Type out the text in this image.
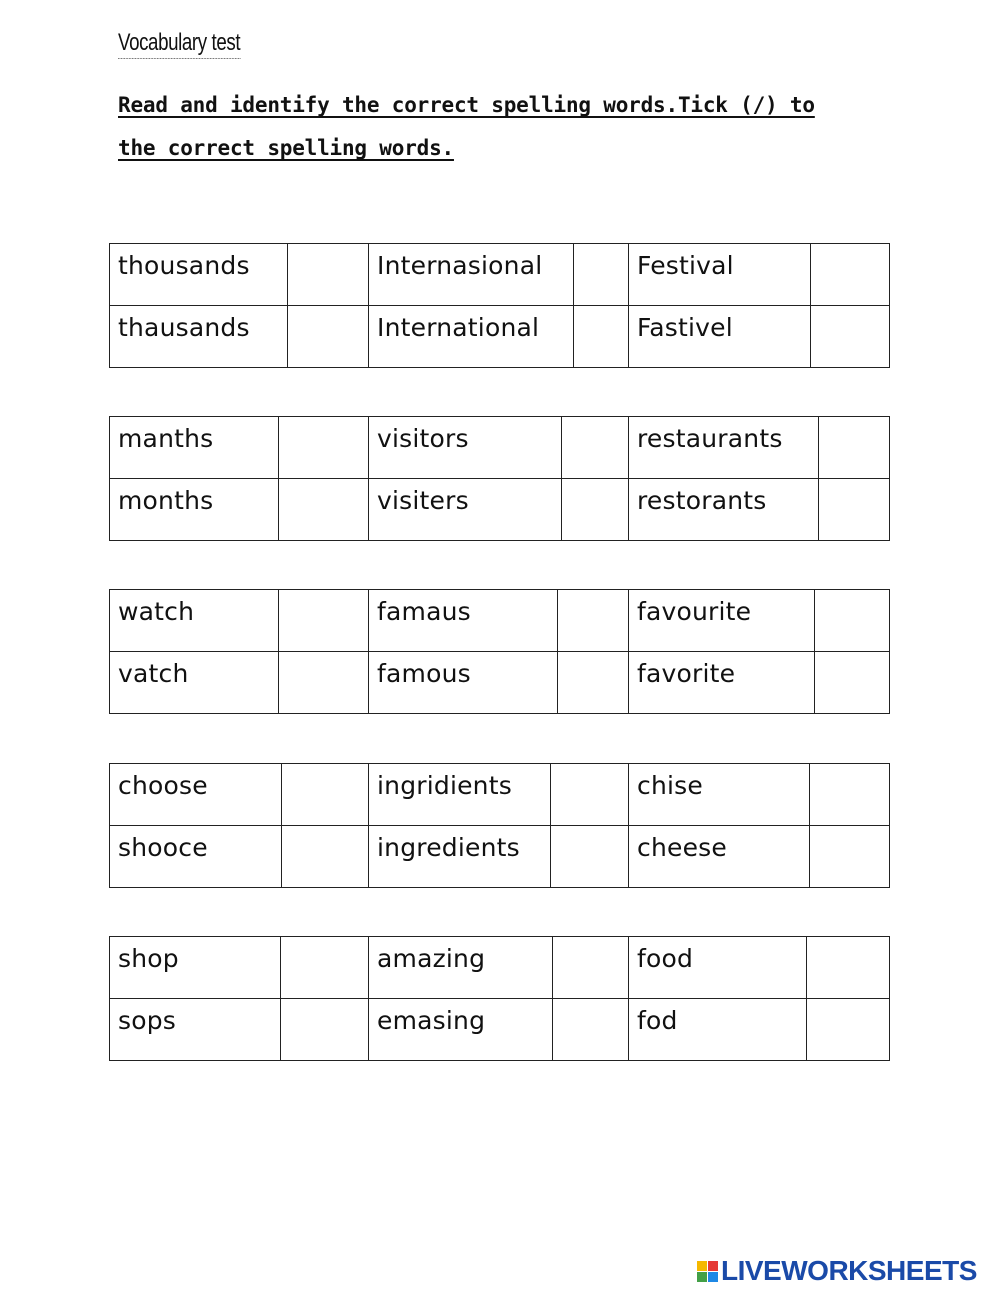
Vocabulary test
Read and identify the correct spelling words.Tick (/) to
the correct spelling words.
thousands		Internasional		Festival	
thausands		International		Fastivel	
manths		visitors		restaurants	
months		visiters		restorants	
watch		famaus		favourite	
vatch		famous		favorite	
choose		ingridients		chise	
shooce		ingredients		cheese	
shop		amazing		food	
sops		emasing		fod	
LIVEWORKSHEETS
